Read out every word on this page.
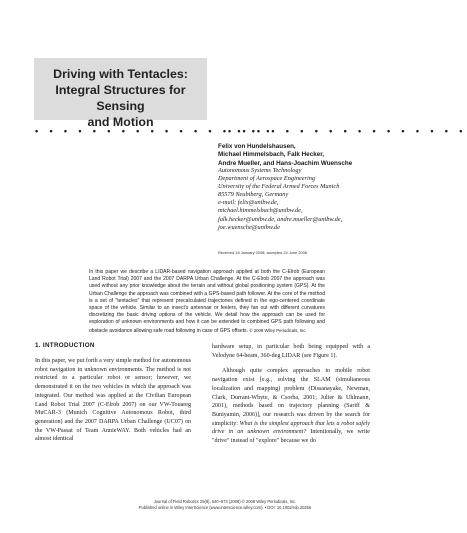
Driving with Tentacles:
Integral Structures for Sensing
and Motion
• • • • • • • • • • • • • • • • •
• • • • • • • • • • • • • • • • •
Felix von Hundelshausen,
Michael Himmelsbach, Falk Hecker,
Andre Mueller, and Hans-Joachim Wuensche
Autonomous Systems Technology
Department of Aerospace Engineering
University of the Federal Armed Forces Munich
85579 Neubiberg, Germany
e-mail: felix@unibw.de,
michael.himmelsbach@unibw.de,
falk.hecker@unibw.de, andre.mueller@unibw.de,
joe.wuensche@unibw.de
Received 18 January 2008; accepted 24 June 2008
In this paper we describe a LIDAR-based navigation approach applied at both the C-Elrob (European Land Robot Trial) 2007 and the 2007 DARPA Urban Challenge. At the C-Elrob 2007 the approach was used without any prior knowledge about the terrain and without global positioning system (GPS). At the Urban Challenge the approach was combined with a GPS-based path follower. At the core of the method is a set of "tentacles" that represent precalculated trajectories defined in the ego-centered coordinate space of the vehicle. Similar to an insect's antennae or feelers, they fan out with different curvatures discretizing the basic driving options of the vehicle. We detail how the approach can be used for exploration of unknown environments and how it can be extended to combined GPS path following and obstacle avoidance allowing safe road following in case of GPS offsets. © 2008 Wiley Periodicals, Inc.
1. INTRODUCTION

In this paper, we put forth a very simple method for autonomous robot navigation in unknown environments. The method is not restricted to a particular robot or sensor; however, we demonstrated it on the two vehicles in which the approach was integrated. Our method was applied at the Civilian European Land Robot Trial 2007 (C-Elrob 2007) on our VW-Touareg MuCAR-3 (Munich Cognitive Autonomous Robot, third generation) and the 2007 DARPA Urban Challenge (UC07) on the VW-Passat of Team AnnieWAY. Both vehicles had an almost identical

hardware setup, in particular both being equipped with a Velodyne 64-beam, 360-deg LIDAR (see Figure 1).

Although quite complex approaches to mobile robot navigation exist [e.g., solving the SLAM (simultaneous localization and mapping) problem (Dissanayake, Newman, Clark, Durrant-Whyte, & Csorba, 2001; Julier & Uhlmann, 2001), methods based on trajectory planning (Sariff & Buniyamin, 2006)], our research was driven by the search for simplicity: What is the simplest approach that lets a robot safely drive in an unknown environment? Intentionally, we write "drive" instead of "explore" because we do

Journal of Field Robotics 25(9), 640–673 (2008) © 2008 Wiley Periodicals, Inc.
Published online in Wiley InterScience (www.interscience.wiley.com). • DOI: 10.1002/rob.20256
